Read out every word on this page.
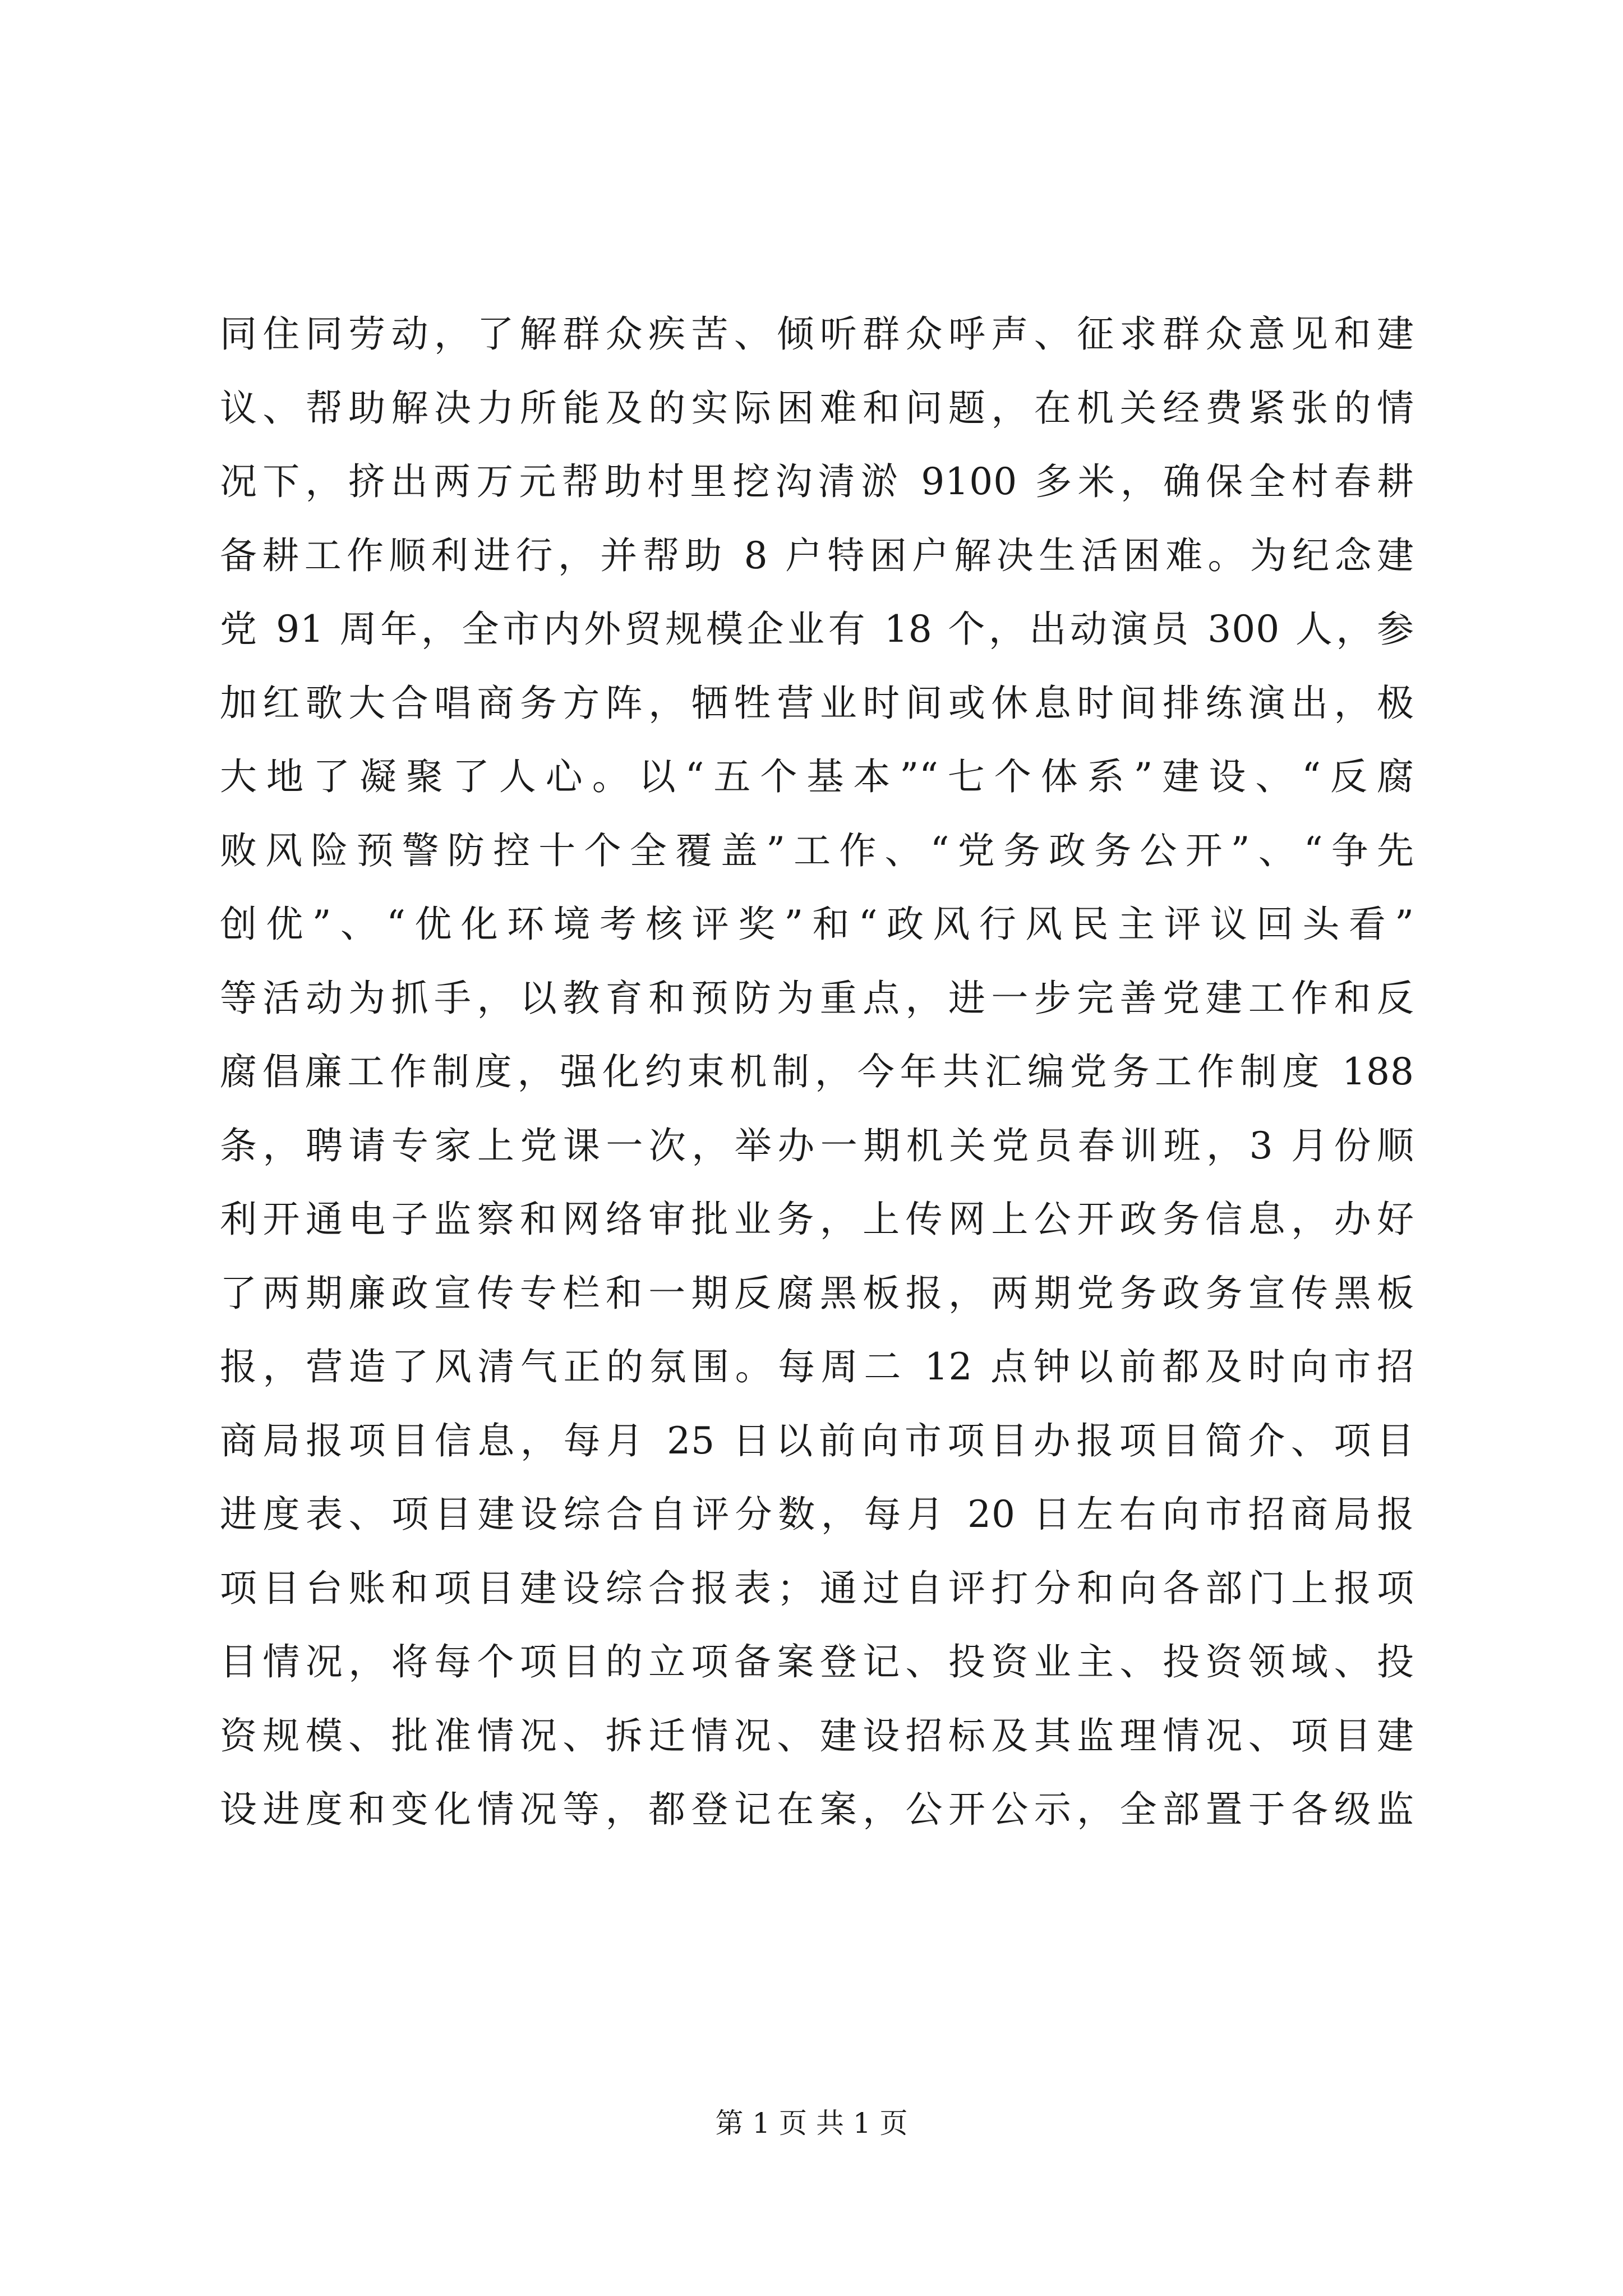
同住同劳动，了解群众疾苦、倾听群众呼声、征求群众意见和建
议、帮助解决力所能及的实际困难和问题，在机关经费紧张的情
况下，挤出两万元帮助村里挖沟清淤 9100 多米，确保全村春耕
备耕工作顺利进行，并帮助 8 户特困户解决生活困难。为纪念建
党 91 周年，全市内外贸规模企业有 18 个，出动演员 300 人，参
加红歌大合唱商务方阵，牺牲营业时间或休息时间排练演出，极
大地了凝聚了人心。以“五个基本”“七个体系”建设、“反腐
败风险预警防控十个全覆盖”工作、“党务政务公开”、“争先
创优”、“优化环境考核评奖”和“政风行风民主评议回头看”
等活动为抓手，以教育和预防为重点，进一步完善党建工作和反
腐倡廉工作制度，强化约束机制，今年共汇编党务工作制度 188
条，聘请专家上党课一次，举办一期机关党员春训班，3 月份顺
利开通电子监察和网络审批业务，上传网上公开政务信息，办好
了两期廉政宣传专栏和一期反腐黑板报，两期党务政务宣传黑板
报，营造了风清气正的氛围。每周二 12 点钟以前都及时向市招
商局报项目信息，每月 25 日以前向市项目办报项目简介、项目
进度表、项目建设综合自评分数，每月 20 日左右向市招商局报
项目台账和项目建设综合报表；通过自评打分和向各部门上报项
目情况，将每个项目的立项备案登记、投资业主、投资领域、投
资规模、批准情况、拆迁情况、建设招标及其监理情况、项目建
设进度和变化情况等，都登记在案，公开公示，全部置于各级监
第 1 页 共 1 页
